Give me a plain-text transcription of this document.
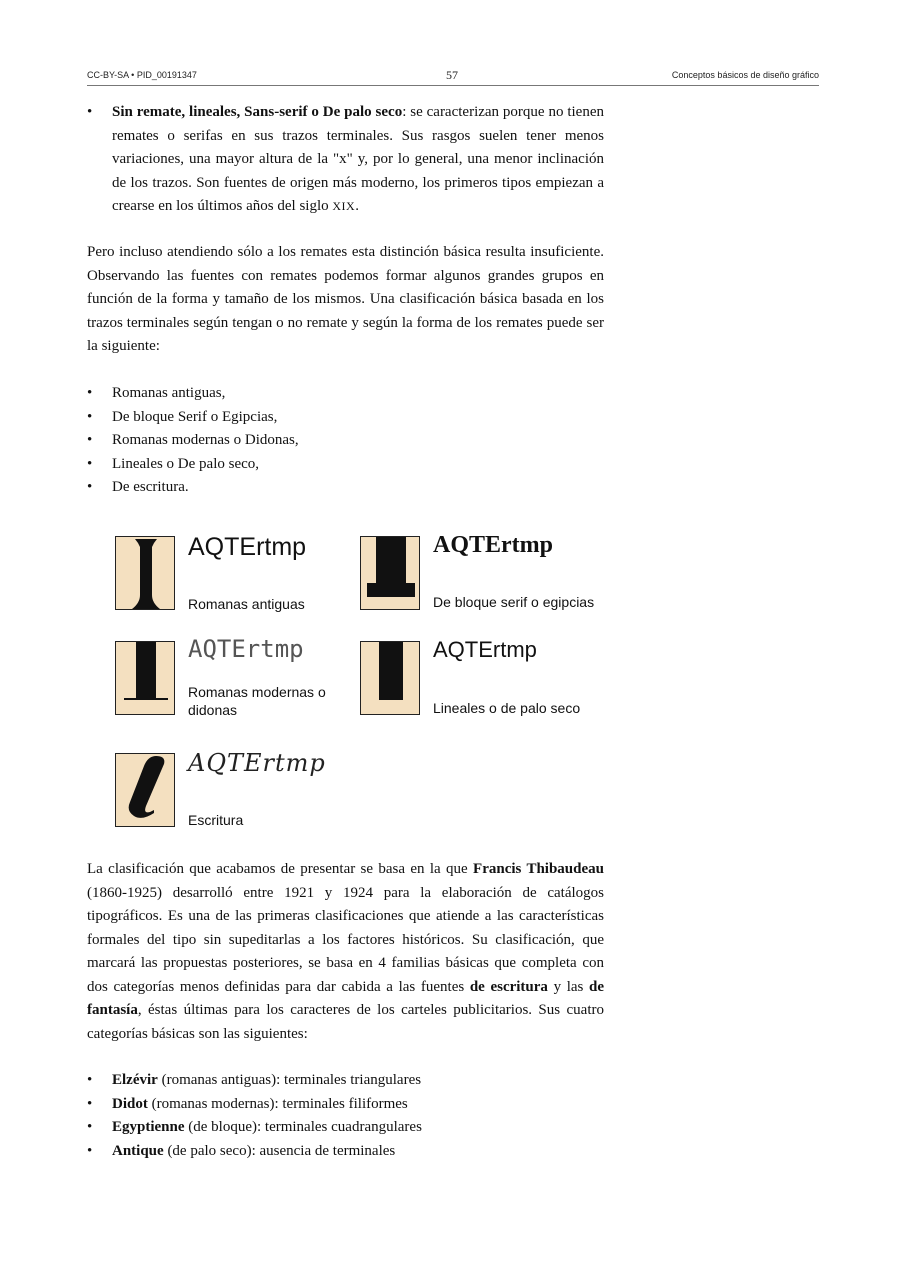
CC-BY-SA • PID_00191347	57	Conceptos básicos de diseño gráfico
• Sin remate, lineales, Sans-serif o De palo seco: se caracterizan porque no tienen remates o serifas en sus trazos terminales. Sus rasgos suelen tener menos variaciones, una mayor altura de la "x" y, por lo general, una menor inclinación de los trazos. Son fuentes de origen más moderno, los primeros tipos empiezan a crearse en los últimos años del siglo XIX.

Pero incluso atendiendo sólo a los remates esta distinción básica resulta insuficiente. Observando las fuentes con remates podemos formar algunos grandes grupos en función de la forma y tamaño de los mismos. Una clasificación básica basada en los trazos terminales según tengan o no remate y según la forma de los remates puede ser la siguiente:

• Romanas antiguas,
• De bloque Serif o Egipcias,
• Romanas modernas o Didonas,
• Lineales o De palo seco,
• De escritura.
AQTErtmp
Romanas antiguas
AQTErtmp
De bloque serif o egipcias
AQTErtmp
Romanas modernas o didonas
AQTErtmp
Lineales o de palo seco
AQTErtmp
Escritura

La clasificación que acabamos de presentar se basa en la que Francis Thibaudeau (1860-1925) desarrolló entre 1921 y 1924 para la elaboración de catálogos tipográficos. Es una de las primeras clasificaciones que atiende a las características formales del tipo sin supeditarlas a los factores históricos. Su clasificación, que marcará las propuestas posteriores, se basa en 4 familias básicas que completa con dos categorías menos definidas para dar cabida a las fuentes de escritura y las de fantasía, éstas últimas para los caracteres de los carteles publicitarios. Sus cuatro categorías básicas son las siguientes:

• Elzévir (romanas antiguas): terminales triangulares
• Didot (romanas modernas): terminales filiformes
• Egyptienne (de bloque): terminales cuadrangulares
• Antique (de palo seco): ausencia de terminales
